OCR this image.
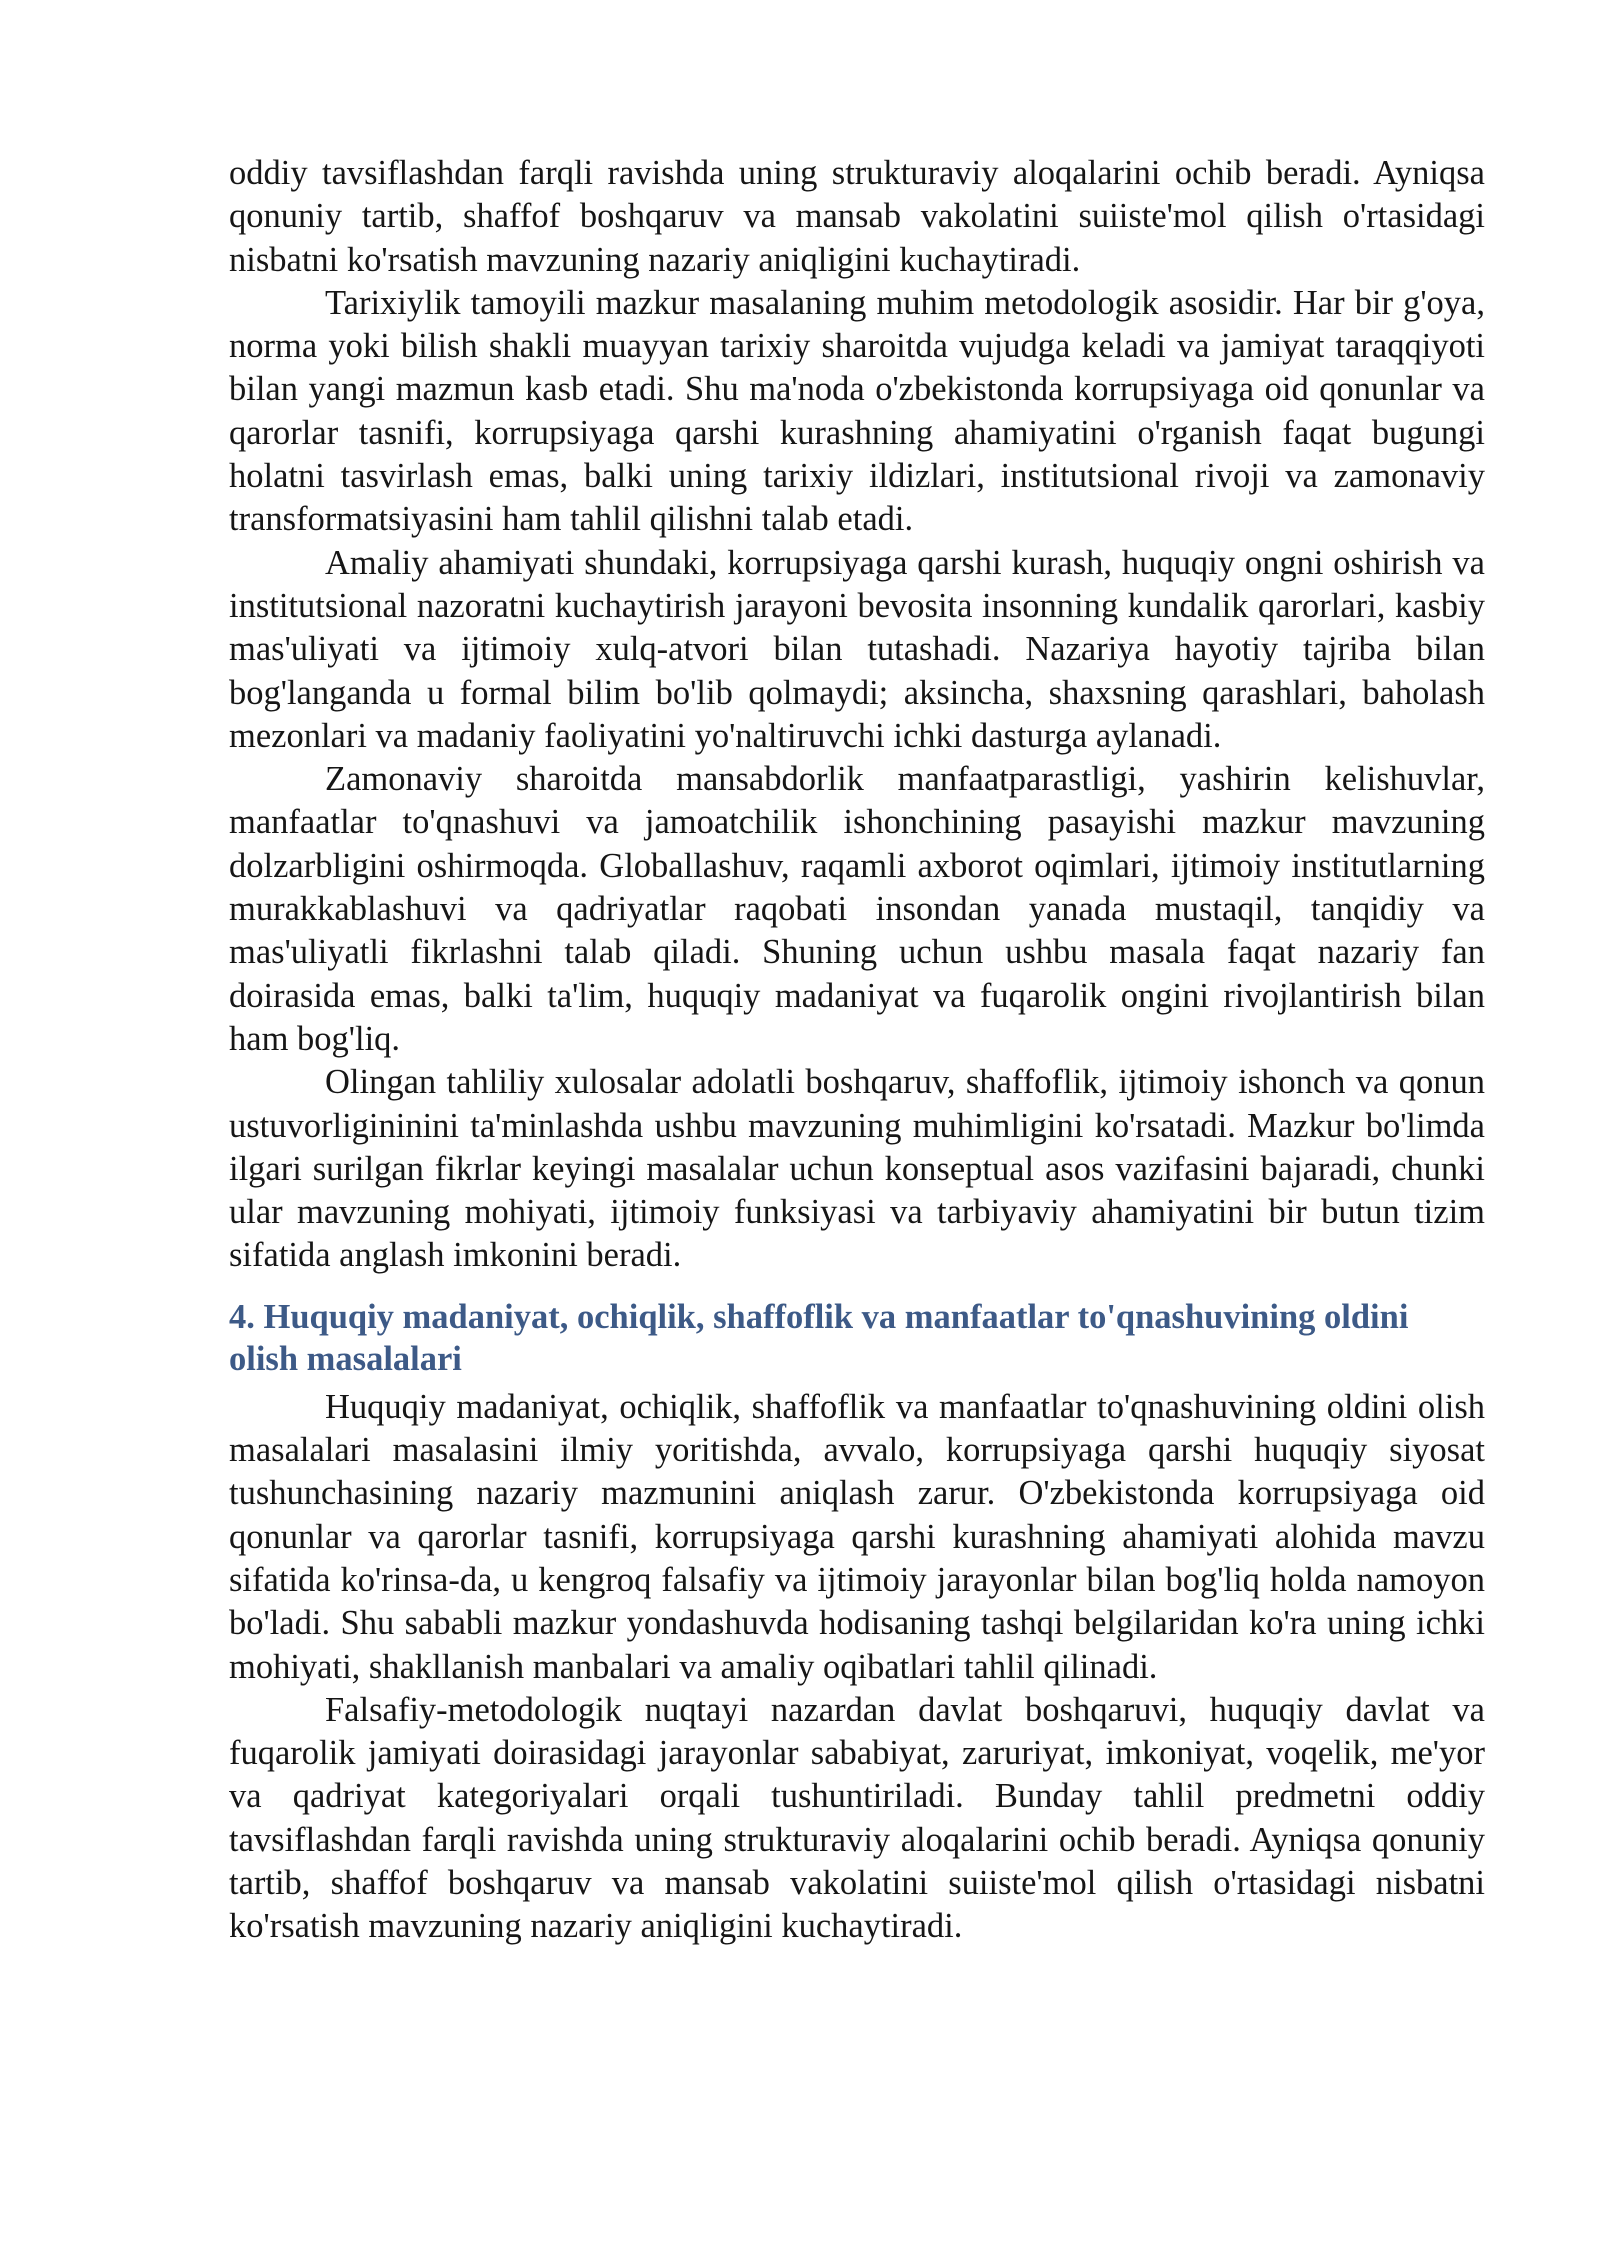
oddiy tavsiflashdan farqli ravishda uning strukturaviy aloqalarini ochib beradi. Ayniqsa qonuniy tartib, shaffof boshqaruv va mansab vakolatini suiiste'mol qilish o'rtasidagi nisbatni ko'rsatish mavzuning nazariy aniqligini kuchaytiradi.

Tarixiylik tamoyili mazkur masalaning muhim metodologik asosidir. Har bir g'oya, norma yoki bilish shakli muayyan tarixiy sharoitda vujudga keladi va jamiyat taraqqiyoti bilan yangi mazmun kasb etadi. Shu ma'noda o'zbekistonda korrupsiyaga oid qonunlar va qarorlar tasnifi, korrupsiyaga qarshi kurashning ahamiyatini o'rganish faqat bugungi holatni tasvirlash emas, balki uning tarixiy ildizlari, institutsional rivoji va zamonaviy transformatsiyasini ham tahlil qilishni talab etadi.

Amaliy ahamiyati shundaki, korrupsiyaga qarshi kurash, huquqiy ongni oshirish va institutsional nazoratni kuchaytirish jarayoni bevosita insonning kundalik qarorlari, kasbiy mas'uliyati va ijtimoiy xulq-atvori bilan tutashadi. Nazariya hayotiy tajriba bilan bog'langanda u formal bilim bo'lib qolmaydi; aksincha, shaxsning qarashlari, baholash mezonlari va madaniy faoliyatini yo'naltiruvchi ichki dasturga aylanadi.

Zamonaviy sharoitda mansabdorlik manfaatparastligi, yashirin kelishuvlar, manfaatlar to'qnashuvi va jamoatchilik ishonchining pasayishi mazkur mavzuning dolzarbligini oshirmoqda. Globallashuv, raqamli axborot oqimlari, ijtimoiy institutlarning murakkablashuvi va qadriyatlar raqobati insondan yanada mustaqil, tanqidiy va mas'uliyatli fikrlashni talab qiladi. Shuning uchun ushbu masala faqat nazariy fan doirasida emas, balki ta'lim, huquqiy madaniyat va fuqarolik ongini rivojlantirish bilan ham bog'liq.

Olingan tahliliy xulosalar adolatli boshqaruv, shaffoflik, ijtimoiy ishonch va qonun ustuvorligininini ta'minlashda ushbu mavzuning muhimligini ko'rsatadi. Mazkur bo'limda ilgari surilgan fikrlar keyingi masalalar uchun konseptual asos vazifasini bajaradi, chunki ular mavzuning mohiyati, ijtimoiy funksiyasi va tarbiyaviy ahamiyatini bir butun tizim sifatida anglash imkonini beradi.

4. Huquqiy madaniyat, ochiqlik, shaffoflik va manfaatlar to'qnashuvining oldini olish masalalari

Huquqiy madaniyat, ochiqlik, shaffoflik va manfaatlar to'qnashuvining oldini olish masalalari masalasini ilmiy yoritishda, avvalo, korrupsiyaga qarshi huquqiy siyosat tushunchasining nazariy mazmunini aniqlash zarur. O'zbekistonda korrupsiyaga oid qonunlar va qarorlar tasnifi, korrupsiyaga qarshi kurashning ahamiyati alohida mavzu sifatida ko'rinsa-da, u kengroq falsafiy va ijtimoiy jarayonlar bilan bog'liq holda namoyon bo'ladi. Shu sababli mazkur yondashuvda hodisaning tashqi belgilaridan ko'ra uning ichki mohiyati, shakllanish manbalari va amaliy oqibatlari tahlil qilinadi.

Falsafiy-metodologik nuqtayi nazardan davlat boshqaruvi, huquqiy davlat va fuqarolik jamiyati doirasidagi jarayonlar sababiyat, zaruriyat, imkoniyat, voqelik, me'yor va qadriyat kategoriyalari orqali tushuntiriladi. Bunday tahlil predmetni oddiy tavsiflashdan farqli ravishda uning strukturaviy aloqalarini ochib beradi. Ayniqsa qonuniy tartib, shaffof boshqaruv va mansab vakolatini suiiste'mol qilish o'rtasidagi nisbatni ko'rsatish mavzuning nazariy aniqligini kuchaytiradi.
